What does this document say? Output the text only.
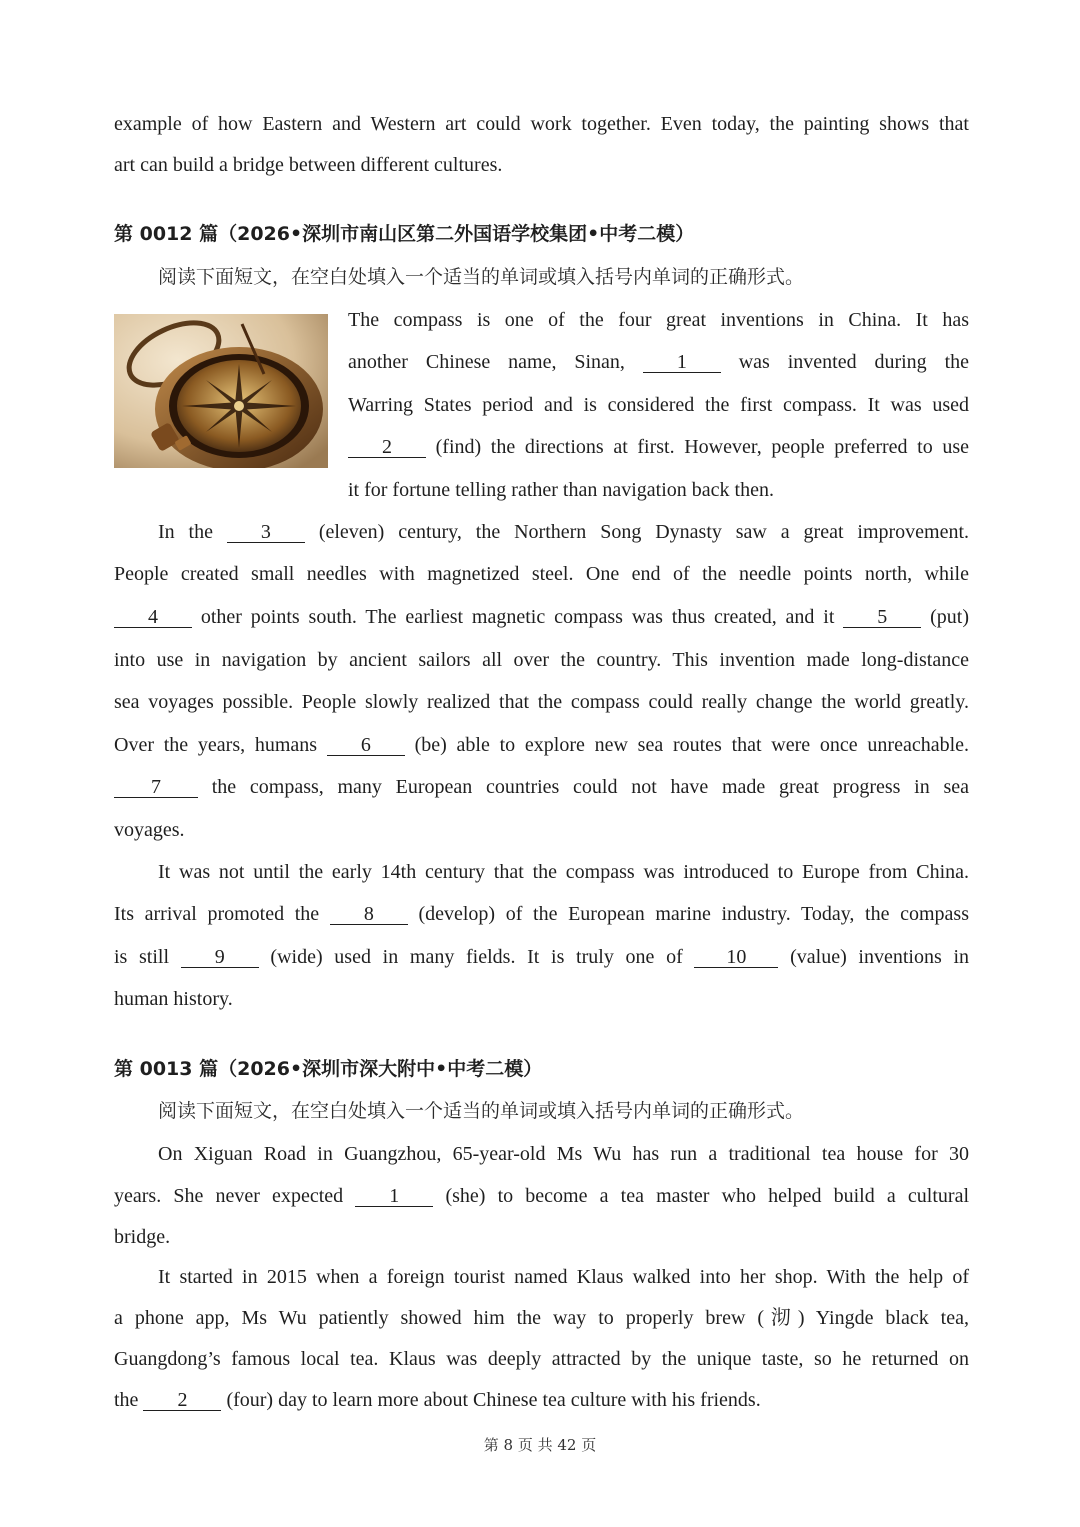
example of how Eastern and Western art could work together. Even today, the painting shows that
art can build a bridge between different cultures.
第 0012 篇（2026•深圳市南山区第二外国语学校集团•中考二模）
阅读下面短文，在空白处填入一个适当的单词或填入括号内单词的正确形式。
The compass is one of the four great inventions in China. It has
another Chinese name, Sinan,	1	was invented during the
Warring States period and is considered the first compass. It was used
2 (find) the directions at first. However, people preferred to use
it for fortune telling rather than navigation back then.
In the 3 (eleven) century, the Northern Song Dynasty saw a great improvement.
People created small needles with magnetized steel. One end of the needle points north, while
4 other points south. The earliest magnetic compass was thus created, and it 5 (put)
into use in navigation by ancient sailors all over the country. This invention made long-distance
sea voyages possible. People slowly realized that the compass could really change the world greatly.
Over the years, humans 6 (be) able to explore new sea routes that were once unreachable.
7	the compass, many European countries could not have made great progress in sea
voyages.
It was not until the early 14th century that the compass was introduced to Europe from China.
Its arrival promoted the 8 (develop) of the European marine industry. Today, the compass
is still 9 (wide) used in many fields. It is truly one of 10 (value) inventions in
human history.
第 0013 篇（2026•深圳市深大附中•中考二模）
阅读下面短文，在空白处填入一个适当的单词或填入括号内单词的正确形式。
On Xiguan Road in Guangzhou, 65-year-old Ms Wu has run a traditional tea house for 30
years. She never expected 1 (she) to become a tea master who helped build a cultural
bridge.
It started in 2015 when a foreign tourist named Klaus walked into her shop. With the help of
a phone app, Ms Wu patiently showed him the way to properly brew (沏) Yingde black tea,
Guangdong’s famous local tea. Klaus was deeply attracted by the unique taste, so he returned on
the 2 (four) day to learn more about Chinese tea culture with his friends.
第 8 页 共 42 页
